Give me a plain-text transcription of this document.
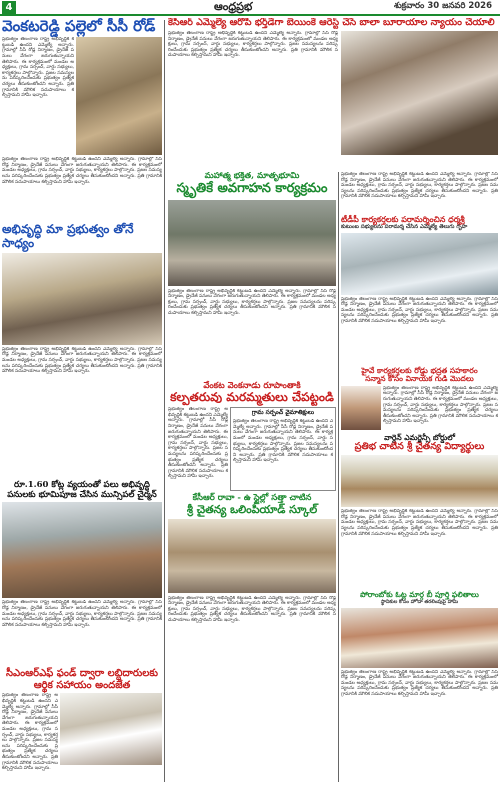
4	ఆంధ్రప్రభ	శుక్రవారం 30 జనవరి 2026
వెంకటరెడ్డి పల్లెలో సీసీ రోడ్
ప్రభుత్వం తెలంగాణ రాష్ట్ర అభివృద్ధికి కట్టుబడి ఉందని ఎమ్మెల్యే అన్నారు. గ్రామాల్లో సీసీ రోడ్ల నిర్మాణం, డ్రైనేజీ పనులు వేగంగా జరుగుతున్నాయని తెలిపారు. ఈ కార్యక్రమంలో మండల అధ్యక్షులు, గ్రామ సర్పంచ్, వార్డు సభ్యులు, కార్యకర్తలు పాల్గొన్నారు. ప్రజల సమస్యలను పరిష్కరించేందుకు ప్రభుత్వం ప్రత్యేక చర్యలు తీసుకుంటోందని అన్నారు. ప్రతి గ్రామానికి మౌలిక సదుపాయాలు కల్పిస్తామని హామీ ఇచ్చారు.
ప్రభుత్వం తెలంగాణ రాష్ట్ర అభివృద్ధికి కట్టుబడి ఉందని ఎమ్మెల్యే అన్నారు. గ్రామాల్లో సీసీ రోడ్ల నిర్మాణం, డ్రైనేజీ పనులు వేగంగా జరుగుతున్నాయని తెలిపారు. ఈ కార్యక్రమంలో మండల అధ్యక్షులు, గ్రామ సర్పంచ్, వార్డు సభ్యులు, కార్యకర్తలు పాల్గొన్నారు. ప్రజల సమస్యలను పరిష్కరించేందుకు ప్రభుత్వం ప్రత్యేక చర్యలు తీసుకుంటోందని అన్నారు. ప్రతి గ్రామానికి మౌలిక సదుపాయాలు కల్పిస్తామని హామీ ఇచ్చారు.
అభివృద్ధి మా ప్రభుత్వం తోనే సాధ్యం
ప్రభుత్వం తెలంగాణ రాష్ట్ర అభివృద్ధికి కట్టుబడి ఉందని ఎమ్మెల్యే అన్నారు. గ్రామాల్లో సీసీ రోడ్ల నిర్మాణం, డ్రైనేజీ పనులు వేగంగా జరుగుతున్నాయని తెలిపారు. ఈ కార్యక్రమంలో మండల అధ్యక్షులు, గ్రామ సర్పంచ్, వార్డు సభ్యులు, కార్యకర్తలు పాల్గొన్నారు. ప్రజల సమస్యలను పరిష్కరించేందుకు ప్రభుత్వం ప్రత్యేక చర్యలు తీసుకుంటోందని అన్నారు. ప్రతి గ్రామానికి మౌలిక సదుపాయాలు కల్పిస్తామని హామీ ఇచ్చారు.
రూ.1.60 కోట్ల వ్యయంతో పలు అభివృద్ధి పనులకు భూమిపూజ చేసిన మున్సిపల్ చైర్మన్
ప్రభుత్వం తెలంగాణ రాష్ట్ర అభివృద్ధికి కట్టుబడి ఉందని ఎమ్మెల్యే అన్నారు. గ్రామాల్లో సీసీ రోడ్ల నిర్మాణం, డ్రైనేజీ పనులు వేగంగా జరుగుతున్నాయని తెలిపారు. ఈ కార్యక్రమంలో మండల అధ్యక్షులు, గ్రామ సర్పంచ్, వార్డు సభ్యులు, కార్యకర్తలు పాల్గొన్నారు. ప్రజల సమస్యలను పరిష్కరించేందుకు ప్రభుత్వం ప్రత్యేక చర్యలు తీసుకుంటోందని అన్నారు. ప్రతి గ్రామానికి మౌలిక సదుపాయాలు కల్పిస్తామని హామీ ఇచ్చారు.
సీఎంఆర్ఎఫ్ ఫండ్ ద్వారా లబ్ధిదారులకు ఆర్థిక సహాయం అందజేత
ప్రభుత్వం తెలంగాణ రాష్ట్ర అభివృద్ధికి కట్టుబడి ఉందని ఎమ్మెల్యే అన్నారు. గ్రామాల్లో సీసీ రోడ్ల నిర్మాణం, డ్రైనేజీ పనులు వేగంగా జరుగుతున్నాయని తెలిపారు. ఈ కార్యక్రమంలో మండల అధ్యక్షులు, గ్రామ సర్పంచ్, వార్డు సభ్యులు, కార్యకర్తలు పాల్గొన్నారు. ప్రజల సమస్యలను పరిష్కరించేందుకు ప్రభుత్వం ప్రత్యేక చర్యలు తీసుకుంటోందని అన్నారు. ప్రతి గ్రామానికి మౌలిక సదుపాయాలు కల్పిస్తామని హామీ ఇచ్చారు.
కేసీఆర్ ఎమ్మెల్యే ఆరోపి భర్త్‌డేగా బెయింకే ఆరెస్ట్ చేసే బాలా బూరాయాల న్యాయం చేయాలి
ప్రభుత్వం తెలంగాణ రాష్ట్ర అభివృద్ధికి కట్టుబడి ఉందని ఎమ్మెల్యే అన్నారు. గ్రామాల్లో సీసీ రోడ్ల నిర్మాణం, డ్రైనేజీ పనులు వేగంగా జరుగుతున్నాయని తెలిపారు. ఈ కార్యక్రమంలో మండల అధ్యక్షులు, గ్రామ సర్పంచ్, వార్డు సభ్యులు, కార్యకర్తలు పాల్గొన్నారు. ప్రజల సమస్యలను పరిష్కరించేందుకు ప్రభుత్వం ప్రత్యేక చర్యలు తీసుకుంటోందని అన్నారు. ప్రతి గ్రామానికి మౌలిక సదుపాయాలు కల్పిస్తామని హామీ ఇచ్చారు.
మహాత్మ భక్తిత, మాతృభూమి
స్మృతికే అవగాహన కార్యక్రమం
ప్రభుత్వం తెలంగాణ రాష్ట్ర అభివృద్ధికి కట్టుబడి ఉందని ఎమ్మెల్యే అన్నారు. గ్రామాల్లో సీసీ రోడ్ల నిర్మాణం, డ్రైనేజీ పనులు వేగంగా జరుగుతున్నాయని తెలిపారు. ఈ కార్యక్రమంలో మండల అధ్యక్షులు, గ్రామ సర్పంచ్, వార్డు సభ్యులు, కార్యకర్తలు పాల్గొన్నారు. ప్రజల సమస్యలను పరిష్కరించేందుకు ప్రభుత్వం ప్రత్యేక చర్యలు తీసుకుంటోందని అన్నారు. ప్రతి గ్రామానికి మౌలిక సదుపాయాలు కల్పిస్తామని హామీ ఇచ్చారు.
వేంకట వెంకనాడు రూపాంతాకి
కల్పతరువు మరమ్మతులు చేపట్టండి
ప్రభుత్వం తెలంగాణ రాష్ట్ర అభివృద్ధికి కట్టుబడి ఉందని ఎమ్మెల్యే అన్నారు. గ్రామాల్లో సీసీ రోడ్ల నిర్మాణం, డ్రైనేజీ పనులు వేగంగా జరుగుతున్నాయని తెలిపారు. ఈ కార్యక్రమంలో మండల అధ్యక్షులు, గ్రామ సర్పంచ్, వార్డు సభ్యులు, కార్యకర్తలు పాల్గొన్నారు. ప్రజల సమస్యలను పరిష్కరించేందుకు ప్రభుత్వం ప్రత్యేక చర్యలు తీసుకుంటోందని అన్నారు. ప్రతి గ్రామానికి మౌలిక సదుపాయాలు కల్పిస్తామని హామీ ఇచ్చారు.
గ్రామ సర్పంచ్ వైమాతిక్షులు
ప్రభుత్వం తెలంగాణ రాష్ట్ర అభివృద్ధికి కట్టుబడి ఉందని ఎమ్మెల్యే అన్నారు. గ్రామాల్లో సీసీ రోడ్ల నిర్మాణం, డ్రైనేజీ పనులు వేగంగా జరుగుతున్నాయని తెలిపారు. ఈ కార్యక్రమంలో మండల అధ్యక్షులు, గ్రామ సర్పంచ్, వార్డు సభ్యులు, కార్యకర్తలు పాల్గొన్నారు. ప్రజల సమస్యలను పరిష్కరించేందుకు ప్రభుత్వం ప్రత్యేక చర్యలు తీసుకుంటోందని అన్నారు. ప్రతి గ్రామానికి మౌలిక సదుపాయాలు కల్పిస్తామని హామీ ఇచ్చారు.
కేసీఆర్ రావా - ఉ స్టైల్లో సత్తా చాటిన
శ్రీ చైతన్య ఒలింపియాడ్ స్కూల్
ప్రభుత్వం తెలంగాణ రాష్ట్ర అభివృద్ధికి కట్టుబడి ఉందని ఎమ్మెల్యే అన్నారు. గ్రామాల్లో సీసీ రోడ్ల నిర్మాణం, డ్రైనేజీ పనులు వేగంగా జరుగుతున్నాయని తెలిపారు. ఈ కార్యక్రమంలో మండల అధ్యక్షులు, గ్రామ సర్పంచ్, వార్డు సభ్యులు, కార్యకర్తలు పాల్గొన్నారు. ప్రజల సమస్యలను పరిష్కరించేందుకు ప్రభుత్వం ప్రత్యేక చర్యలు తీసుకుంటోందని అన్నారు. ప్రతి గ్రామానికి మౌలిక సదుపాయాలు కల్పిస్తామని హామీ ఇచ్చారు.
ప్రభుత్వం తెలంగాణ రాష్ట్ర అభివృద్ధికి కట్టుబడి ఉందని ఎమ్మెల్యే అన్నారు. గ్రామాల్లో సీసీ రోడ్ల నిర్మాణం, డ్రైనేజీ పనులు వేగంగా జరుగుతున్నాయని తెలిపారు. ఈ కార్యక్రమంలో మండల అధ్యక్షులు, గ్రామ సర్పంచ్, వార్డు సభ్యులు, కార్యకర్తలు పాల్గొన్నారు. ప్రజల సమస్యలను పరిష్కరించేందుకు ప్రభుత్వం ప్రత్యేక చర్యలు తీసుకుంటోందని అన్నారు. ప్రతి గ్రామానికి మౌలిక సదుపాయాలు కల్పిస్తామని హామీ ఇచ్చారు.
టీడీపీ కార్యకర్తలకు పరామర్శించిన ధర్మశ్రీ
కుటుంబ సభ్యులను పరామర్శ చేసిన ఎమ్మెల్యే తెలుగు గృహ
ప్రభుత్వం తెలంగాణ రాష్ట్ర అభివృద్ధికి కట్టుబడి ఉందని ఎమ్మెల్యే అన్నారు. గ్రామాల్లో సీసీ రోడ్ల నిర్మాణం, డ్రైనేజీ పనులు వేగంగా జరుగుతున్నాయని తెలిపారు. ఈ కార్యక్రమంలో మండల అధ్యక్షులు, గ్రామ సర్పంచ్, వార్డు సభ్యులు, కార్యకర్తలు పాల్గొన్నారు. ప్రజల సమస్యలను పరిష్కరించేందుకు ప్రభుత్వం ప్రత్యేక చర్యలు తీసుకుంటోందని అన్నారు. ప్రతి గ్రామానికి మౌలిక సదుపాయాలు కల్పిస్తామని హామీ ఇచ్చారు.
హైవే కార్యకర్తలకు రోడ్డు భద్రత సహకారం
సన్మాన కోసం వినాయక గుడి మొదలు
ప్రభుత్వం తెలంగాణ రాష్ట్ర అభివృద్ధికి కట్టుబడి ఉందని ఎమ్మెల్యే అన్నారు. గ్రామాల్లో సీసీ రోడ్ల నిర్మాణం, డ్రైనేజీ పనులు వేగంగా జరుగుతున్నాయని తెలిపారు. ఈ కార్యక్రమంలో మండల అధ్యక్షులు, గ్రామ సర్పంచ్, వార్డు సభ్యులు, కార్యకర్తలు పాల్గొన్నారు. ప్రజల సమస్యలను పరిష్కరించేందుకు ప్రభుత్వం ప్రత్యేక చర్యలు తీసుకుంటోందని అన్నారు. ప్రతి గ్రామానికి మౌలిక సదుపాయాలు కల్పిస్తామని హామీ ఇచ్చారు.
వార్డెన్ ఎమర్జెన్సీ బోర్డులో
ప్రతిభ చాటిన శ్రీ చైతన్య విద్యార్థులు
ప్రభుత్వం తెలంగాణ రాష్ట్ర అభివృద్ధికి కట్టుబడి ఉందని ఎమ్మెల్యే అన్నారు. గ్రామాల్లో సీసీ రోడ్ల నిర్మాణం, డ్రైనేజీ పనులు వేగంగా జరుగుతున్నాయని తెలిపారు. ఈ కార్యక్రమంలో మండల అధ్యక్షులు, గ్రామ సర్పంచ్, వార్డు సభ్యులు, కార్యకర్తలు పాల్గొన్నారు. ప్రజల సమస్యలను పరిష్కరించేందుకు ప్రభుత్వం ప్రత్యేక చర్యలు తీసుకుంటోందని అన్నారు. ప్రతి గ్రామానికి మౌలిక సదుపాయాలు కల్పిస్తామని హామీ ఇచ్చారు.
పోరాంబోకు ఓట్ల మార్గ బీ పూర్తి ఫలితాలు
స్థానికుల కోసం హోదా తరలింపుపై హామీ
ప్రభుత్వం తెలంగాణ రాష్ట్ర అభివృద్ధికి కట్టుబడి ఉందని ఎమ్మెల్యే అన్నారు. గ్రామాల్లో సీసీ రోడ్ల నిర్మాణం, డ్రైనేజీ పనులు వేగంగా జరుగుతున్నాయని తెలిపారు. ఈ కార్యక్రమంలో మండల అధ్యక్షులు, గ్రామ సర్పంచ్, వార్డు సభ్యులు, కార్యకర్తలు పాల్గొన్నారు. ప్రజల సమస్యలను పరిష్కరించేందుకు ప్రభుత్వం ప్రత్యేక చర్యలు తీసుకుంటోందని అన్నారు. ప్రతి గ్రామానికి మౌలిక సదుపాయాలు కల్పిస్తామని హామీ ఇచ్చారు.
